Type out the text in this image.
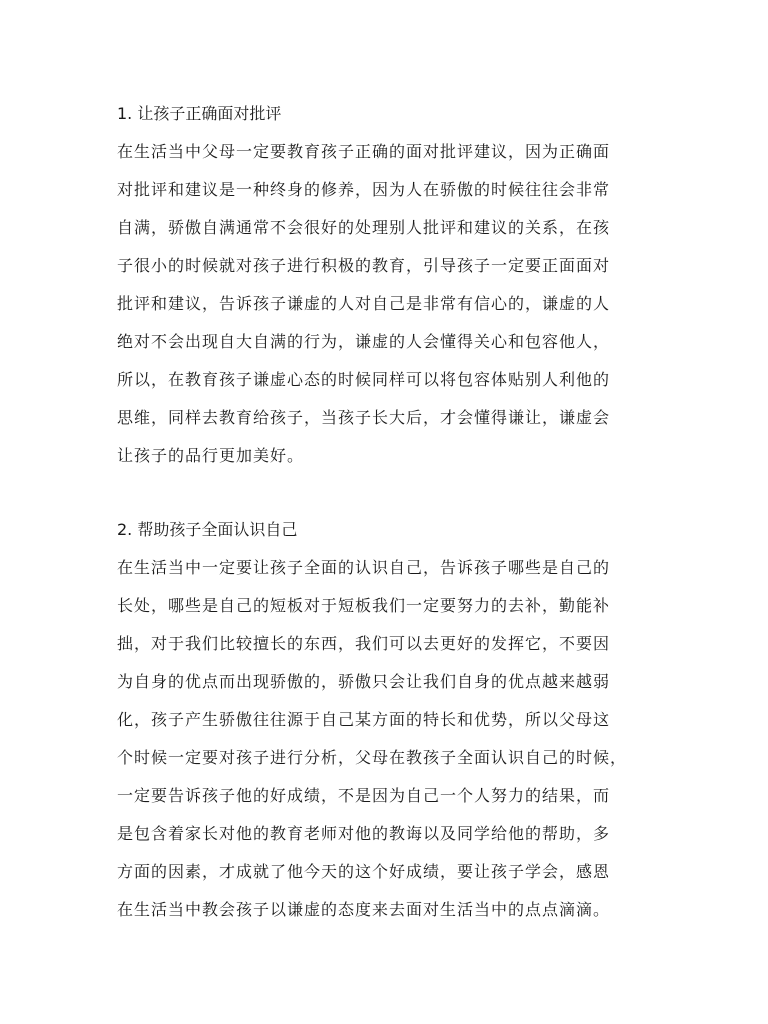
1. 让孩子正确面对批评
在生活当中父母一定要教育孩子正确的面对批评建议，因为正确面
对批评和建议是一种终身的修养，因为人在骄傲的时候往往会非常
自满，骄傲自满通常不会很好的处理别人批评和建议的关系，在孩
子很小的时候就对孩子进行积极的教育，引导孩子一定要正面面对
批评和建议，告诉孩子谦虚的人对自己是非常有信心的，谦虚的人
绝对不会出现自大自满的行为，谦虚的人会懂得关心和包容他人，
所以，在教育孩子谦虚心态的时候同样可以将包容体贴别人利他的
思维，同样去教育给孩子，当孩子长大后，才会懂得谦让，谦虚会
让孩子的品行更加美好。
2. 帮助孩子全面认识自己
在生活当中一定要让孩子全面的认识自己，告诉孩子哪些是自己的
长处，哪些是自己的短板对于短板我们一定要努力的去补，勤能补
拙，对于我们比较擅长的东西，我们可以去更好的发挥它，不要因
为自身的优点而出现骄傲的，骄傲只会让我们自身的优点越来越弱
化，孩子产生骄傲往往源于自己某方面的特长和优势，所以父母这
个时候一定要对孩子进行分析，父母在教孩子全面认识自己的时候，
一定要告诉孩子他的好成绩，不是因为自己一个人努力的结果，而
是包含着家长对他的教育老师对他的教诲以及同学给他的帮助，多
方面的因素，才成就了他今天的这个好成绩，要让孩子学会，感恩
在生活当中教会孩子以谦虚的态度来去面对生活当中的点点滴滴。
